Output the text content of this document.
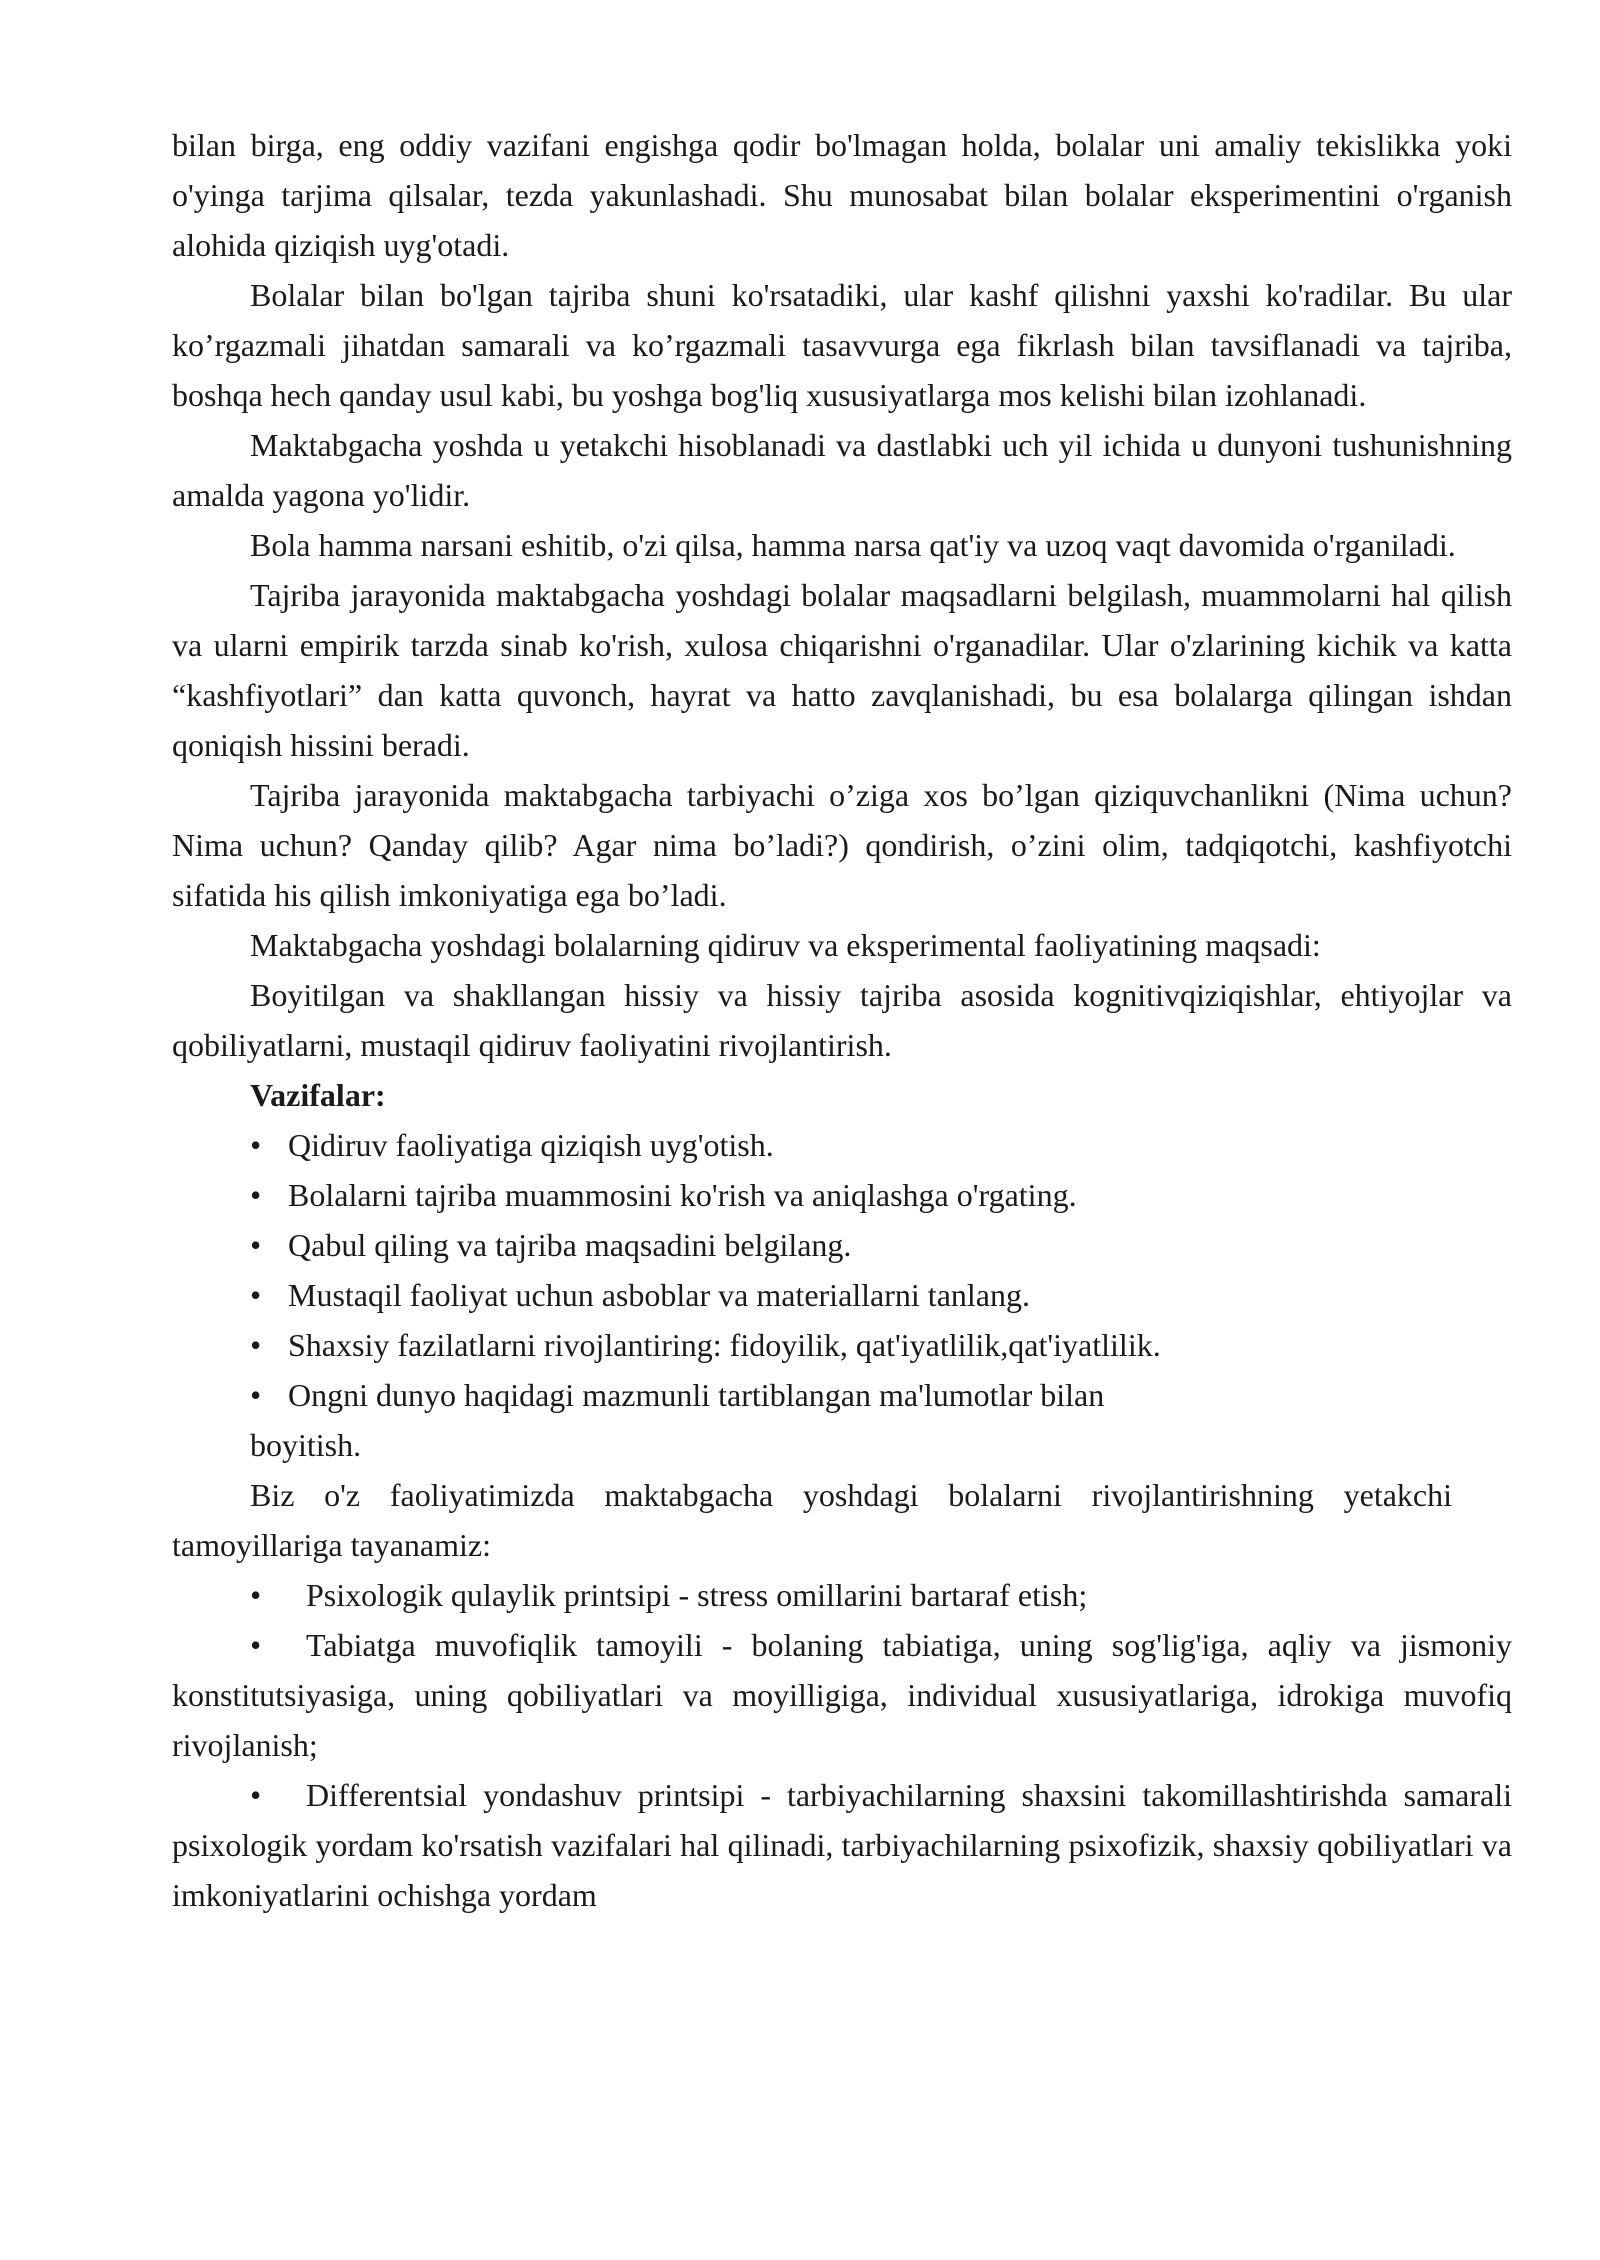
bilan birga, eng oddiy vazifani engishga qodir bo'lmagan holda, bolalar uni amaliy tekislikka yoki o'yinga tarjima qilsalar, tezda yakunlashadi. Shu munosabat bilan bolalar eksperimentini o'rganish alohida qiziqish uyg'otadi.

Bolalar bilan bo'lgan tajriba shuni ko'rsatadiki, ular kashf qilishni yaxshi ko'radilar. Bu ular ko’rgazmali jihatdan samarali va ko’rgazmali tasavvurga ega fikrlash bilan tavsiflanadi va tajriba, boshqa hech qanday usul kabi, bu yoshga bog'liq xususiyatlarga mos kelishi bilan izohlanadi.

Maktabgacha yoshda u yetakchi hisoblanadi va dastlabki uch yil ichida u dunyoni tushunishning amalda yagona yo'lidir.

Bola hamma narsani eshitib, o'zi qilsa, hamma narsa qat'iy va uzoq vaqt davomida o'rganiladi.

Tajriba jarayonida maktabgacha yoshdagi bolalar maqsadlarni belgilash, muammolarni hal qilish va ularni empirik tarzda sinab ko'rish, xulosa chiqarishni o'rganadilar. Ular o'zlarining kichik va katta “kashfiyotlari” dan katta quvonch, hayrat va hatto zavqlanishadi, bu esa bolalarga qilingan ishdan qoniqish hissini beradi.

Tajriba jarayonida maktabgacha tarbiyachi o’ziga xos bo’lgan qiziquvchanlikni (Nima uchun? Nima uchun? Qanday qilib? Agar nima bo’ladi?) qondirish, o’zini olim, tadqiqotchi, kashfiyotchi sifatida his qilish imkoniyatiga ega bo’ladi.

Maktabgacha yoshdagi bolalarning qidiruv va eksperimental faoliyatining maqsadi:

Boyitilgan va shakllangan hissiy va hissiy tajriba asosida kognitivqiziqishlar, ehtiyojlar va qobiliyatlarni, mustaqil qidiruv faoliyatini rivojlantirish.

Vazifalar:

• Qidiruv faoliyatiga qiziqish uyg'otish.
• Bolalarni tajriba muammosini ko'rish va aniqlashga o'rgating.
• Qabul qiling va tajriba maqsadini belgilang.
• Mustaqil faoliyat uchun asboblar va materiallarni tanlang.
• Shaxsiy fazilatlarni rivojlantiring: fidoyilik, qat'iyatlilik,qat'iyatlilik.
• Ongni dunyo haqidagi mazmunli tartiblangan ma'lumotlar bilan
boyitish.

Biz o'z faoliyatimizda maktabgacha yoshdagi bolalarni rivojlantirishning yetakchi tamoyillariga tayanamiz:

• Psixologik qulaylik printsipi - stress omillarini bartaraf etish;
• Tabiatga muvofiqlik tamoyili - bolaning tabiatiga, uning sog'lig'iga, aqliy va jismoniy konstitutsiyasiga, uning qobiliyatlari va moyilligiga, individual xususiyatlariga, idrokiga muvofiq rivojlanish;
• Differentsial yondashuv printsipi - tarbiyachilarning shaxsini takomillashtirishda samarali psixologik yordam ko'rsatish vazifalari hal qilinadi, tarbiyachilarning psixofizik, shaxsiy qobiliyatlari va imkoniyatlarini ochishga yordam
